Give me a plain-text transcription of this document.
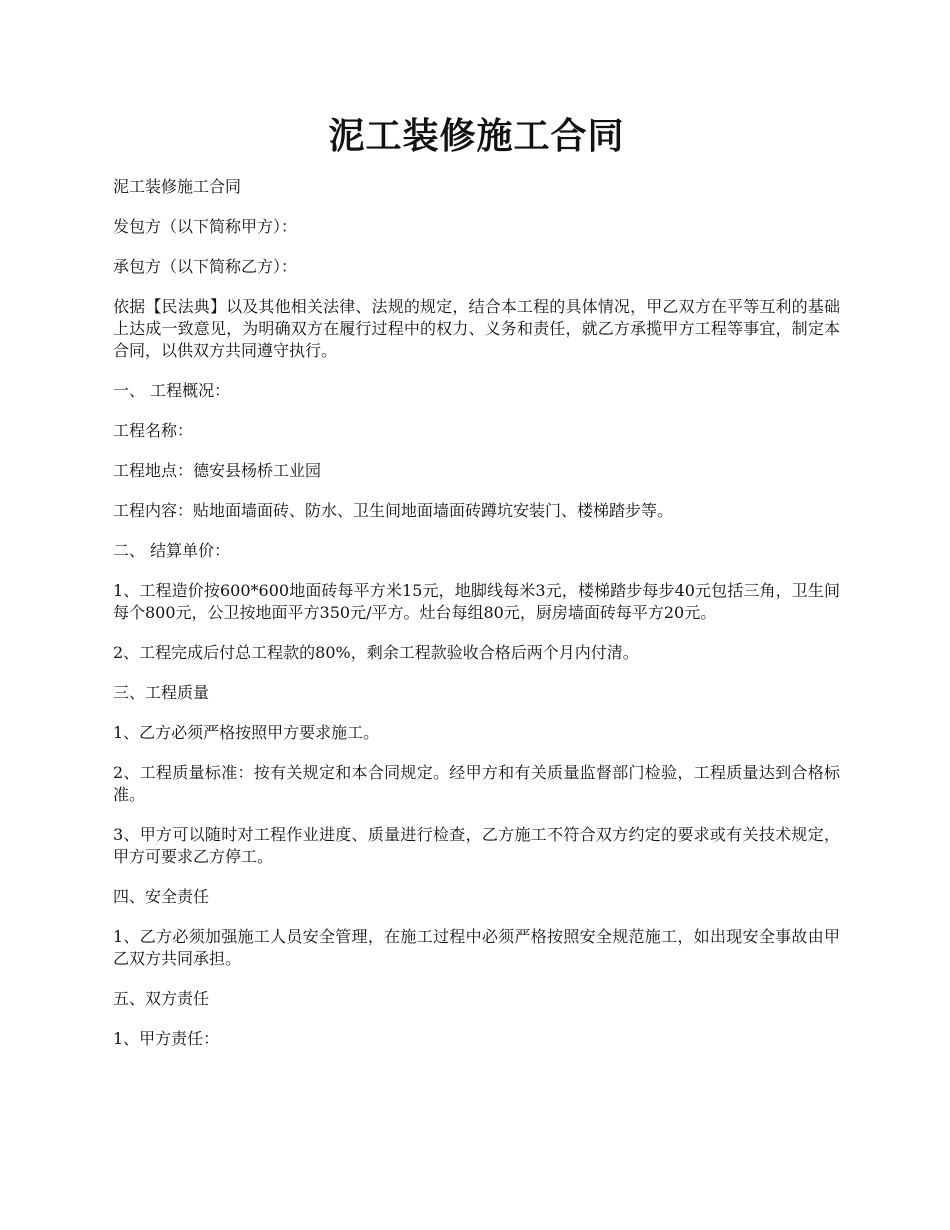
泥工装修施工合同

泥工装修施工合同

发包方（以下简称甲方）：

承包方（以下简称乙方）：

依据【民法典】以及其他相关法律、法规的规定，结合本工程的具体情况，甲乙双方在平等互利的基础上达成一致意见，为明确双方在履行过程中的权力、义务和责任，就乙方承揽甲方工程等事宜，制定本合同，以供双方共同遵守执行。

一、 工程概况：

工程名称：

工程地点：德安县杨桥工业园

工程内容：贴地面墙面砖、防水、卫生间地面墙面砖蹲坑安装门、楼梯踏步等。

二、 结算单价：

1、工程造价按600*600地面砖每平方米15元，地脚线每米3元，楼梯踏步每步40元包括三角，卫生间每个800元，公卫按地面平方350元/平方。灶台每组80元，厨房墙面砖每平方20元。

2、工程完成后付总工程款的80%，剩余工程款验收合格后两个月内付清。

三、工程质量

1、乙方必须严格按照甲方要求施工。

2、工程质量标准：按有关规定和本合同规定。经甲方和有关质量监督部门检验，工程质量达到合格标准。

3、甲方可以随时对工程作业进度、质量进行检查，乙方施工不符合双方约定的要求或有关技术规定，甲方可要求乙方停工。

四、安全责任

1、乙方必须加强施工人员安全管理，在施工过程中必须严格按照安全规范施工，如出现安全事故由甲乙双方共同承担。

五、双方责任

1、甲方责任：
